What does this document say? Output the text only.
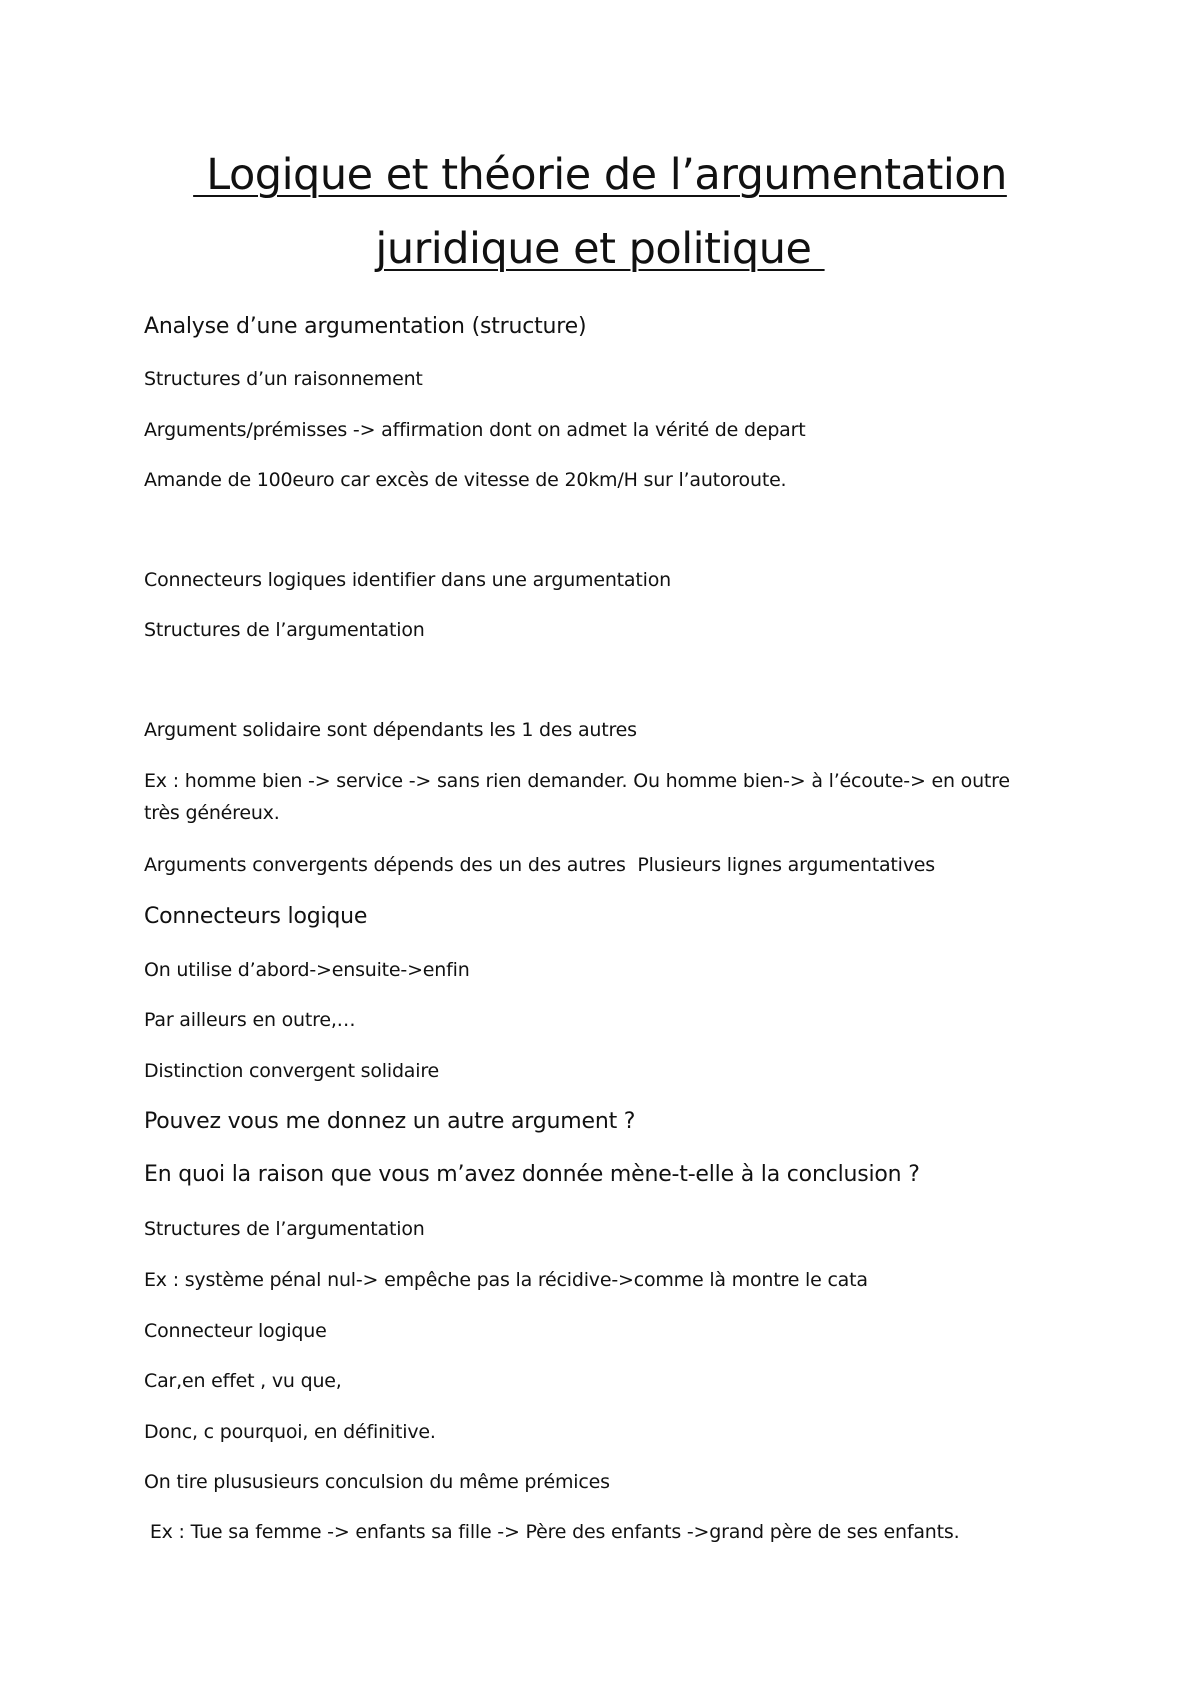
Logique et théorie de l’argumentation
juridique et politique
Analyse d’une argumentation (structure)
Structures d’un raisonnement
Arguments/prémisses -> affirmation dont on admet la vérité de depart
Amande de 100euro car excès de vitesse de 20km/H sur l’autoroute.
Connecteurs logiques identifier dans une argumentation
Structures de l’argumentation
Argument solidaire sont dépendants les 1 des autres
Ex : homme bien -> service -> sans rien demander. Ou homme bien-> à l’écoute-> en outre
très généreux.
Arguments convergents dépends des un des autres  Plusieurs lignes argumentatives
Connecteurs logique
On utilise d’abord->ensuite->enfin
Par ailleurs en outre,…
Distinction convergent solidaire
Pouvez vous me donnez un autre argument ?
En quoi la raison que vous m’avez donnée mène-t-elle à la conclusion ?
Structures de l’argumentation
Ex : système pénal nul-> empêche pas la récidive->comme là montre le cata
Connecteur logique
Car,en effet , vu que,
Donc, c pourquoi, en définitive.
On tire plususieurs conculsion du même prémices
Ex : Tue sa femme -> enfants sa fille -> Père des enfants ->grand père de ses enfants.
